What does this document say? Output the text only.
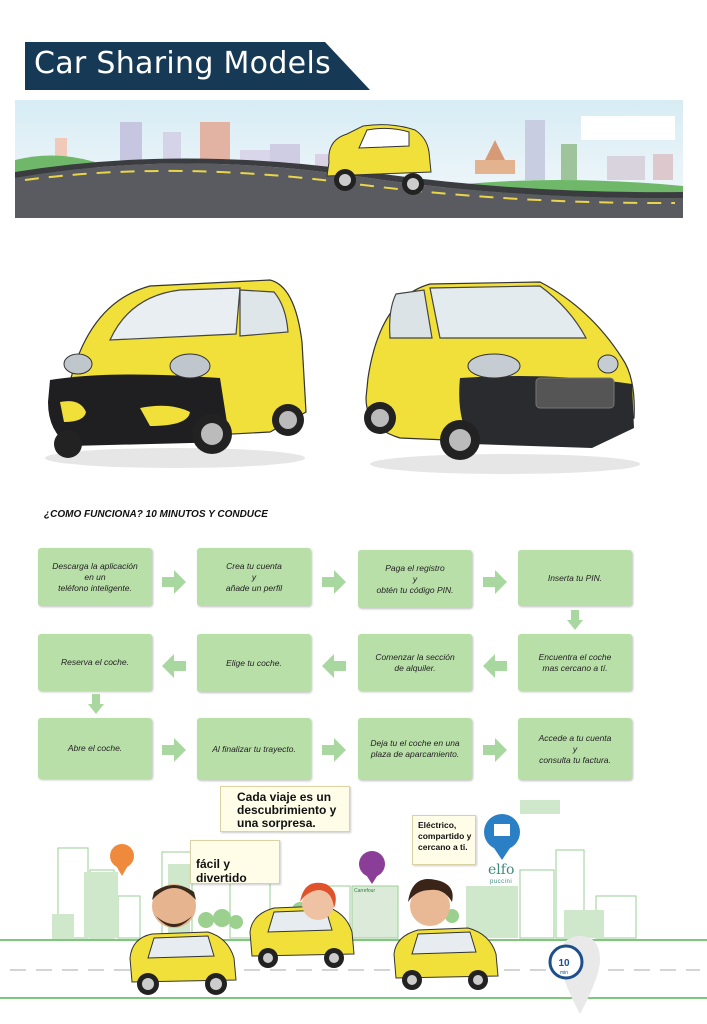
Car Sharing Models
¿COMO FUNCIONA? 10 MINUTOS Y CONDUCE
Descarga la aplicación
en un
teléfono inteligente.
Crea tu cuenta
y
añade un perfil
Paga el registro
y
obtén tu código PIN.
Inserta tu PIN.
Encuentra el coche
mas cercano a tí.
Comenzar la sección
de alquiler.
Elige tu coche.
Reserva el coche.
Abre el coche.	Al finalizar tu trayecto.
Deja tu el coche en una
plaza de aparcamiento.
Accede a tu cuenta
y
consulta tu factura.
Cada viaje es un
descubrimiento y
una sorpresa.
fácil y divertido
Eléctrico,
compartido y
cercano a ti.
elfo
puccini
Carrefour
10
min
